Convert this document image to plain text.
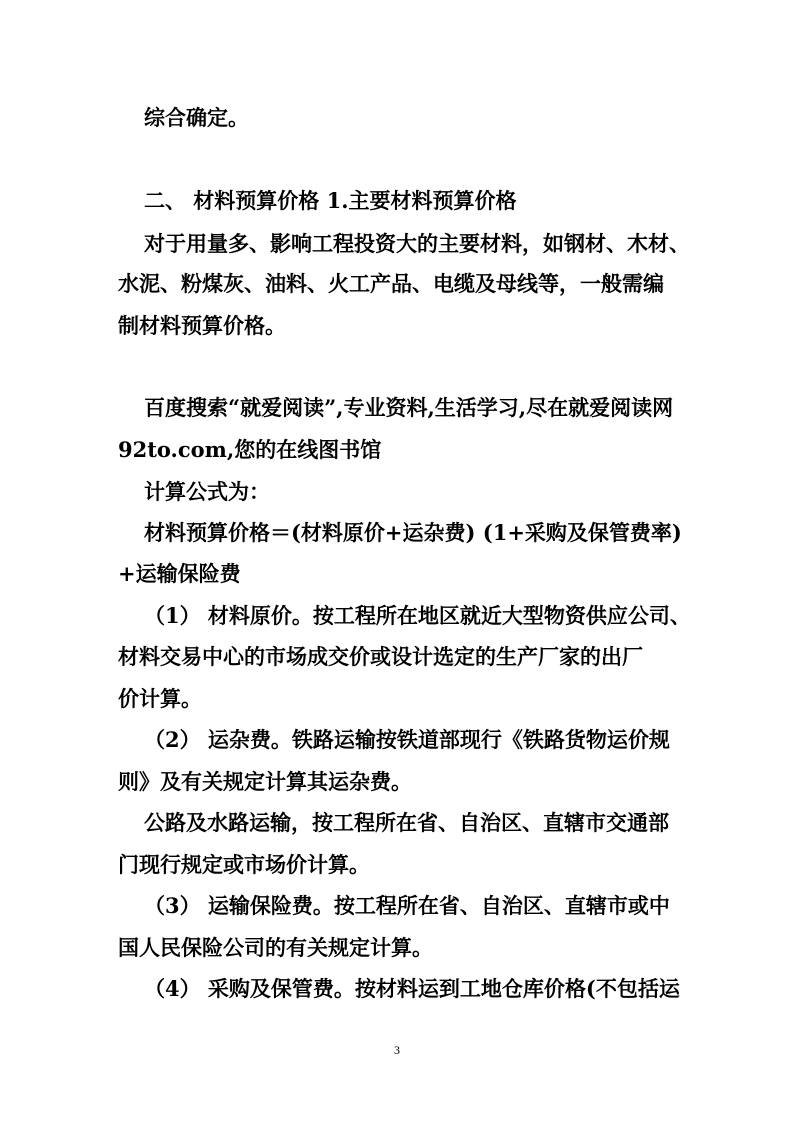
综合确定。
二、 材料预算价格 1.主要材料预算价格
对于用量多、影响工程投资大的主要材料，如钢材、木材、
水泥、粉煤灰、油料、火工产品、电缆及母线等，一般需编
制材料预算价格。
百度搜索“就爱阅读”,专业资料,生活学习,尽在就爱阅读网
92to.com,您的在线图书馆
计算公式为：
材料预算价格＝(材料原价+运杂费) (1+采购及保管费率)
+运输保险费
（1） 材料原价。按工程所在地区就近大型物资供应公司、
材料交易中心的市场成交价或设计选定的生产厂家的出厂
价计算。
（2） 运杂费。铁路运输按铁道部现行《铁路货物运价规
则》及有关规定计算其运杂费。
公路及水路运输，按工程所在省、自治区、直辖市交通部
门现行规定或市场价计算。
（3） 运输保险费。按工程所在省、自治区、直辖市或中
国人民保险公司的有关规定计算。
（4） 采购及保管费。按材料运到工地仓库价格(不包括运
3
